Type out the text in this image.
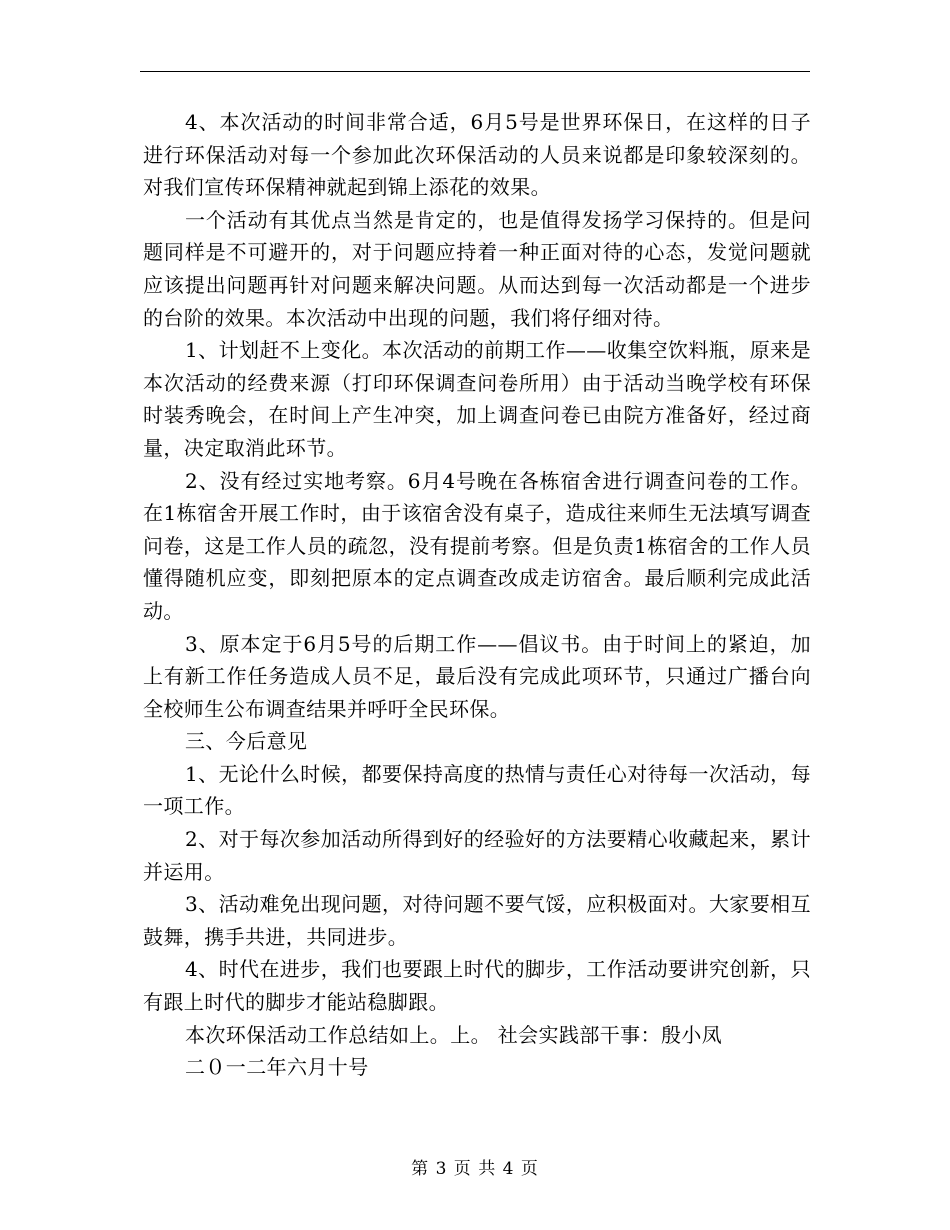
4、本次活动的时间非常合适，6月5号是世界环保日，在这样的日子进行环保活动对每一个参加此次环保活动的人员来说都是印象较深刻的。对我们宣传环保精神就起到锦上添花的效果。

一个活动有其优点当然是肯定的，也是值得发扬学习保持的。但是问题同样是不可避开的，对于问题应持着一种正面对待的心态，发觉问题就应该提出问题再针对问题来解决问题。从而达到每一次活动都是一个进步的台阶的效果。本次活动中出现的问题，我们将仔细对待。

1、计划赶不上变化。本次活动的前期工作——收集空饮料瓶，原来是本次活动的经费来源（打印环保调查问卷所用）由于活动当晚学校有环保时装秀晚会，在时间上产生冲突，加上调查问卷已由院方准备好，经过商量，决定取消此环节。

2、没有经过实地考察。6月4号晚在各栋宿舍进行调查问卷的工作。在1栋宿舍开展工作时，由于该宿舍没有桌子，造成往来师生无法填写调查问卷，这是工作人员的疏忽，没有提前考察。但是负责1栋宿舍的工作人员懂得随机应变，即刻把原本的定点调查改成走访宿舍。最后顺利完成此活动。

3、原本定于6月5号的后期工作——倡议书。由于时间上的紧迫，加上有新工作任务造成人员不足，最后没有完成此项环节，只通过广播台向全校师生公布调查结果并呼吁全民环保。

三、今后意见

1、无论什么时候，都要保持高度的热情与责任心对待每一次活动，每一项工作。

2、对于每次参加活动所得到好的经验好的方法要精心收藏起来，累计并运用。

3、活动难免出现问题，对待问题不要气馁，应积极面对。大家要相互鼓舞，携手共进，共同进步。

4、时代在进步，我们也要跟上时代的脚步，工作活动要讲究创新，只有跟上时代的脚步才能站稳脚跟。

本次环保活动工作总结如上。上。 社会实践部干事：殷小凤

二０一二年六月十号

第 3 页 共 4 页
